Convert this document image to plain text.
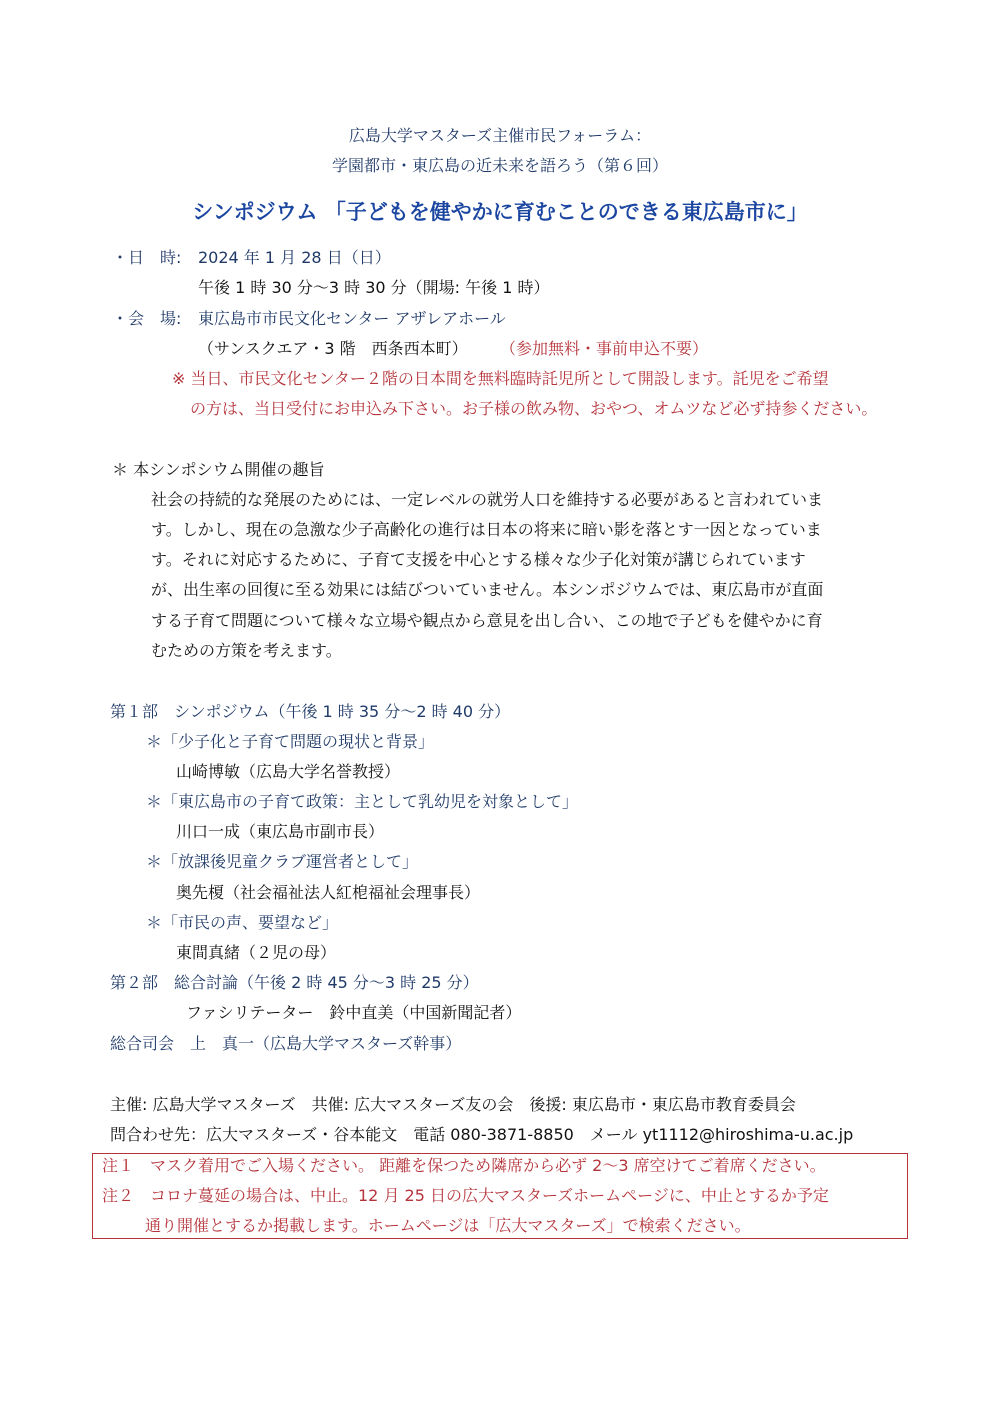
広島大学マスターズ主催市民フォーラム：
学園都市・東広島の近未来を語ろう（第６回）
シンポジウム 「子どもを健やかに育むことのできる東広島市に」
・日　時: 2024 年 1 月 28 日（日）
午後 1 時 30 分～3 時 30 分（開場: 午後 1 時）
・会　場: 東広島市市民文化センター アザレアホール
（サンスクエア・3 階　西条西本町） （参加無料・事前申込不要）
※ 当日、市民文化センター２階の日本間を無料臨時託児所として開設します。託児をご希望
の方は、当日受付にお申込み下さい。お子様の飲み物、おやつ、オムツなど必ず持参ください。
＊ 本シンポシウム開催の趣旨
社会の持続的な発展のためには、一定レベルの就労人口を維持する必要があると言われていま
す。しかし、現在の急激な少子高齢化の進行は日本の将来に暗い影を落とす一因となっていま
す。それに対応するために、子育て支援を中心とする様々な少子化対策が講じられています
が、出生率の回復に至る効果には結びついていません。本シンポジウムでは、東広島市が直面
する子育て問題について様々な立場や観点から意見を出し合い、この地で子どもを健やかに育
むための方策を考えます。
第１部　シンポジウム（午後 1 時 35 分～2 時 40 分）
＊「少子化と子育て問題の現状と背景」
山崎博敏（広島大学名誉教授）
＊「東広島市の子育て政策：主として乳幼児を対象として」
川口一成（東広島市副市長）
＊「放課後児童クラブ運営者として」
奥先榎（社会福祉法人紅梎福祉会理事長）
＊「市民の声、要望など」
東間真緒（２児の母）
第２部　総合討論（午後 2 時 45 分～3 時 25 分）
ファシリテーター　鈴中直美（中国新聞記者）
総合司会　上　真一（広島大学マスターズ幹事）
主催: 広島大学マスターズ　共催: 広大マスターズ友の会　後援: 東広島市・東広島市教育委員会
問合わせ先：広大マスターズ・谷本能文　電話 080-3871-8850　メール yt1112@hiroshima-u.ac.jp
注１　マスク着用でご入場ください。 距離を保つため隣席から必ず 2～3 席空けてご着席ください。
注２　コロナ蔓延の場合は、中止。12 月 25 日の広大マスターズホームページに、中止とするか予定
通り開催とするか掲載します。ホームページは「広大マスターズ」で検索ください。
